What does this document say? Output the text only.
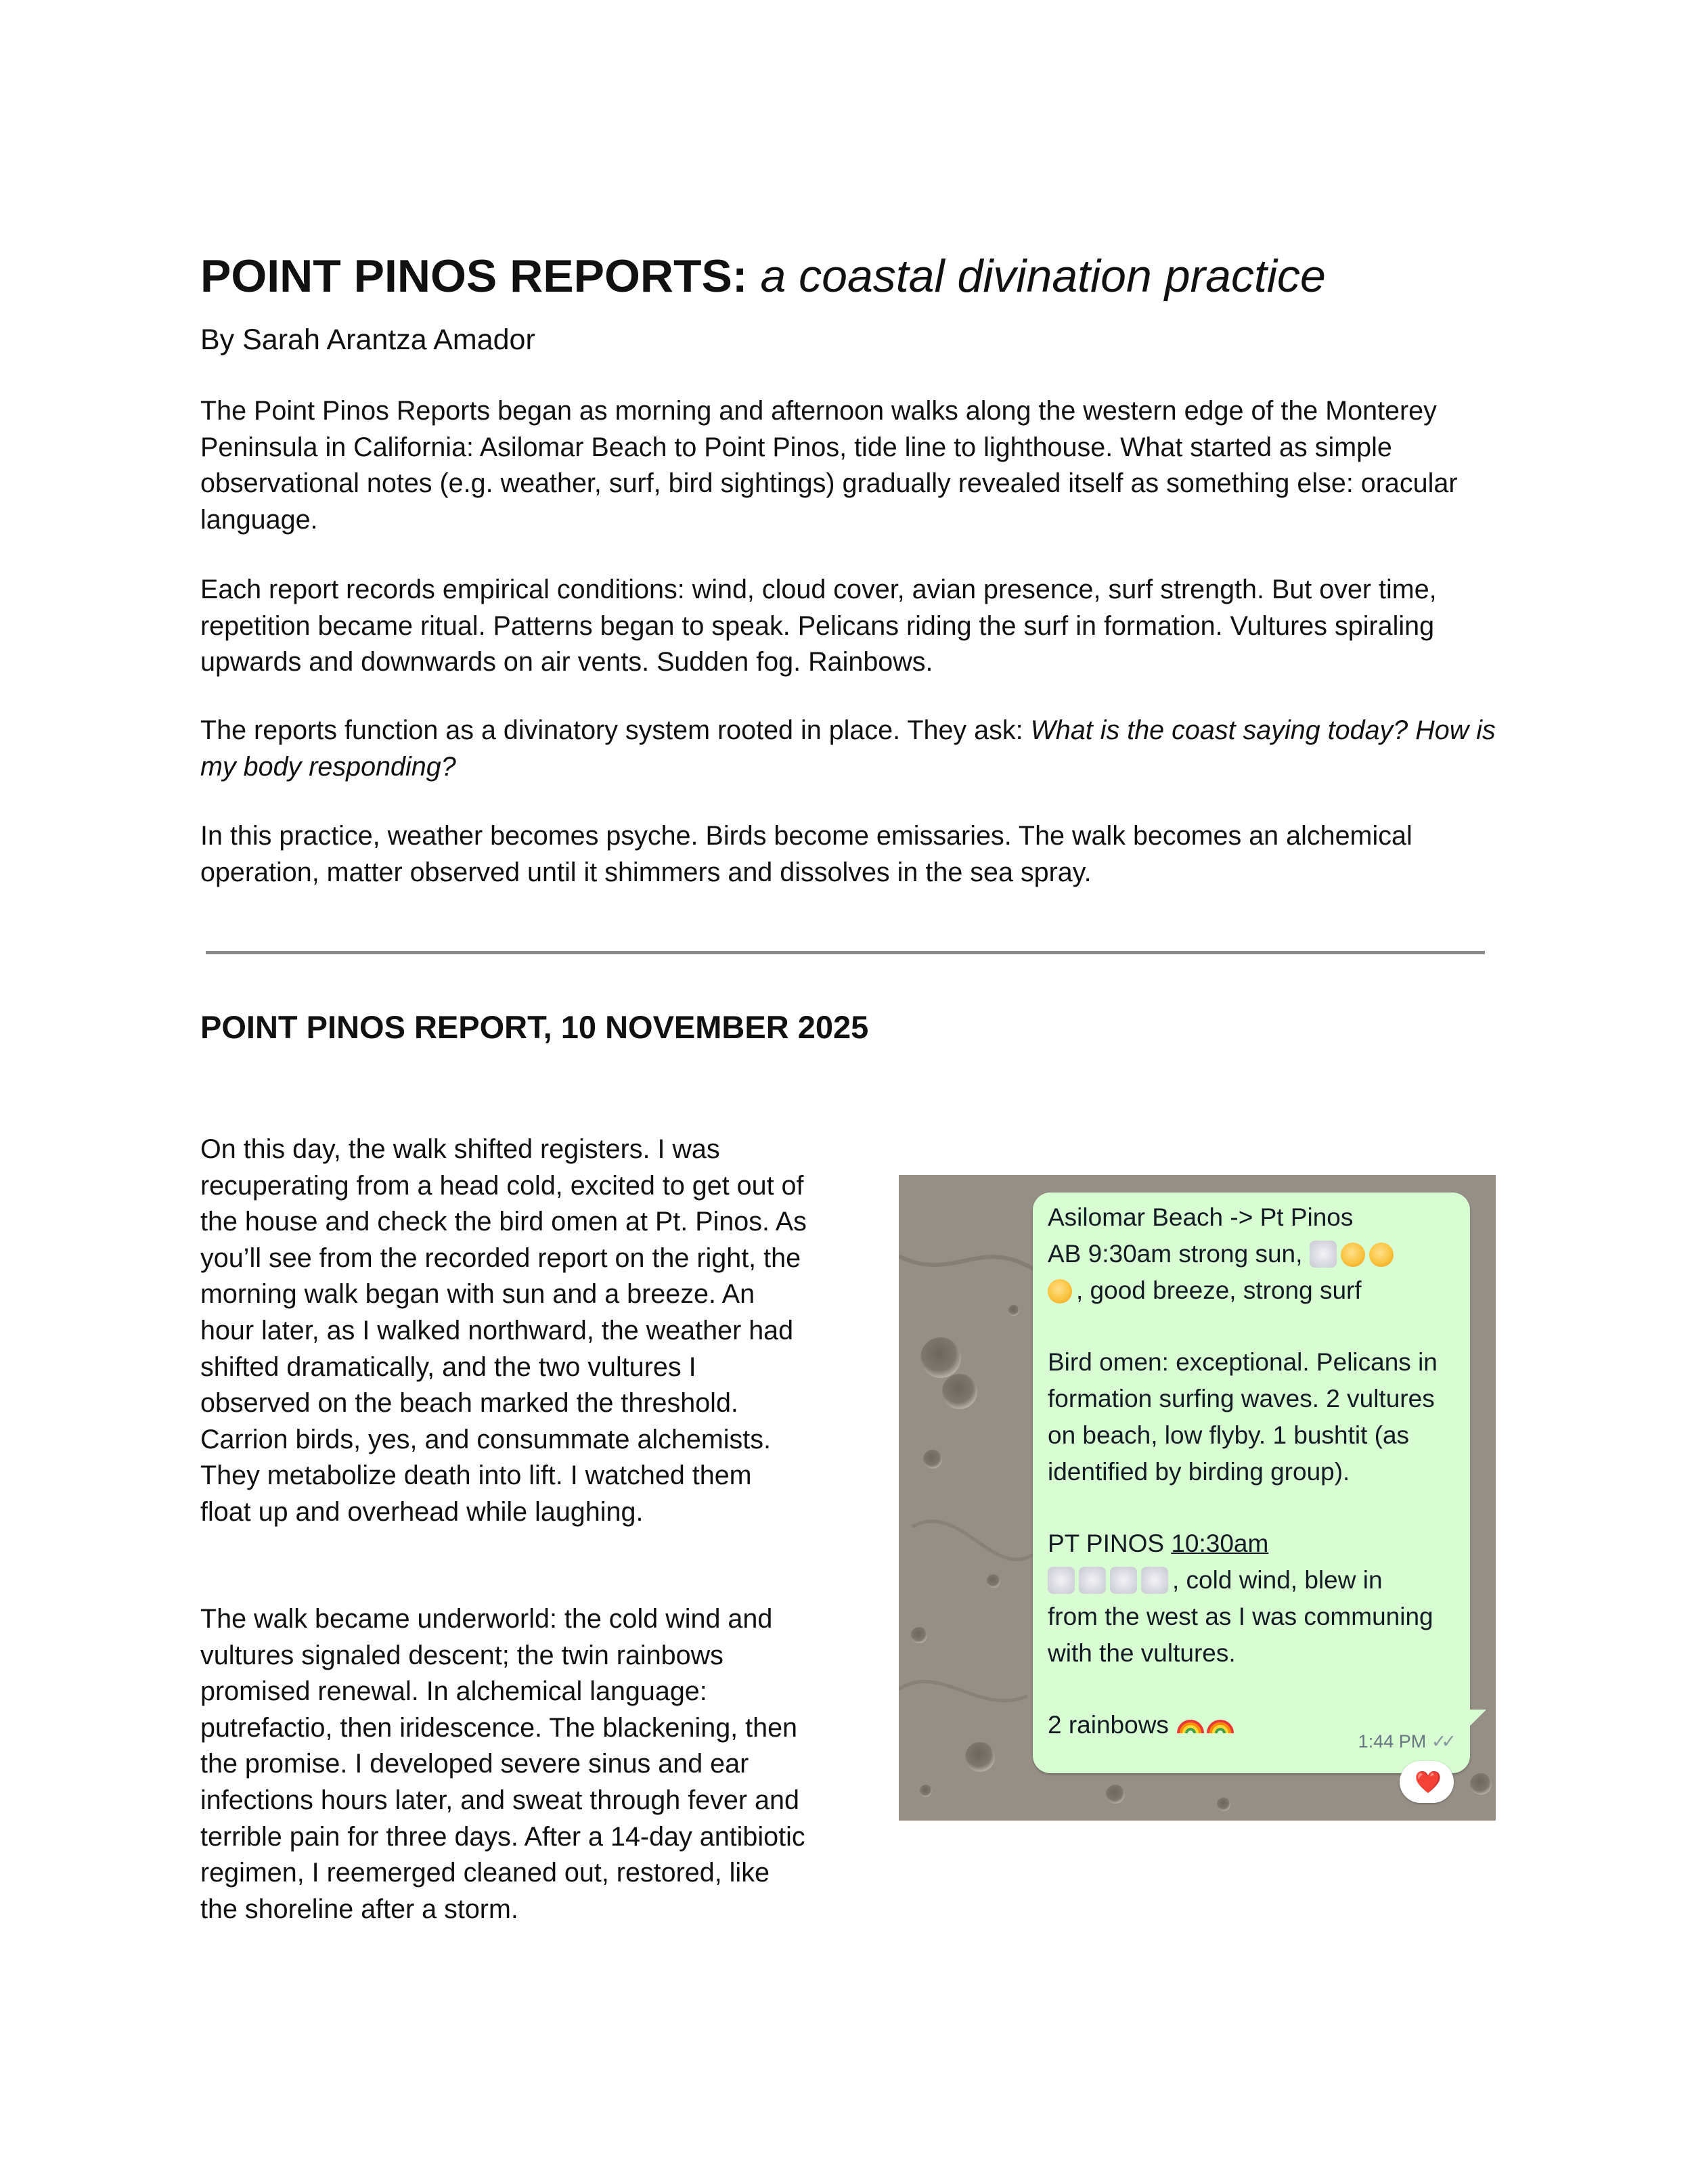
POINT PINOS REPORTS: a coastal divination practice
By Sarah Arantza Amador

The Point Pinos Reports began as morning and afternoon walks along the western edge of the Monterey Peninsula in California: Asilomar Beach to Point Pinos, tide line to lighthouse. What started as simple observational notes (e.g. weather, surf, bird sightings) gradually revealed itself as something else: oracular language.

Each report records empirical conditions: wind, cloud cover, avian presence, surf strength. But over time, repetition became ritual. Patterns began to speak. Pelicans riding the surf in formation. Vultures spiraling upwards and downwards on air vents. Sudden fog. Rainbows.

The reports function as a divinatory system rooted in place. They ask: What is the coast saying today? How is my body responding?

In this practice, weather becomes psyche. Birds become emissaries. The walk becomes an alchemical operation, matter observed until it shimmers and dissolves in the sea spray.

POINT PINOS REPORT, 10 NOVEMBER 2025

On this day, the walk shifted registers. I was recuperating from a head cold, excited to get out of the house and check the bird omen at Pt. Pinos. As you’ll see from the recorded report on the right, the morning walk began with sun and a breeze. An hour later, as I walked northward, the weather had shifted dramatically, and the two vultures I observed on the beach marked the threshold. Carrion birds, yes, and consummate alchemists. They metabolize death into lift. I watched them float up and overhead while laughing.

The walk became underworld: the cold wind and vultures signaled descent; the twin rainbows promised renewal. In alchemical language: putrefactio, then iridescence. The blackening, then the promise. I developed severe sinus and ear infections hours later, and sweat through fever and terrible pain for three days. After a 14-day antibiotic regimen, I reemerged cleaned out, restored, like the shoreline after a storm.

Asilomar Beach -> Pt Pinos
AB 9:30am strong sun,
, good breeze, strong surf
Bird omen: exceptional. Pelicans in
formation surfing waves. 2 vultures
on beach, low flyby. 1 bushtit (as
identified by birding group).
PT PINOS 10:30am
, cold wind, blew in
from the west as I was communing
with the vultures.
2 rainbows
1:44 PM ✓✓
❤️
